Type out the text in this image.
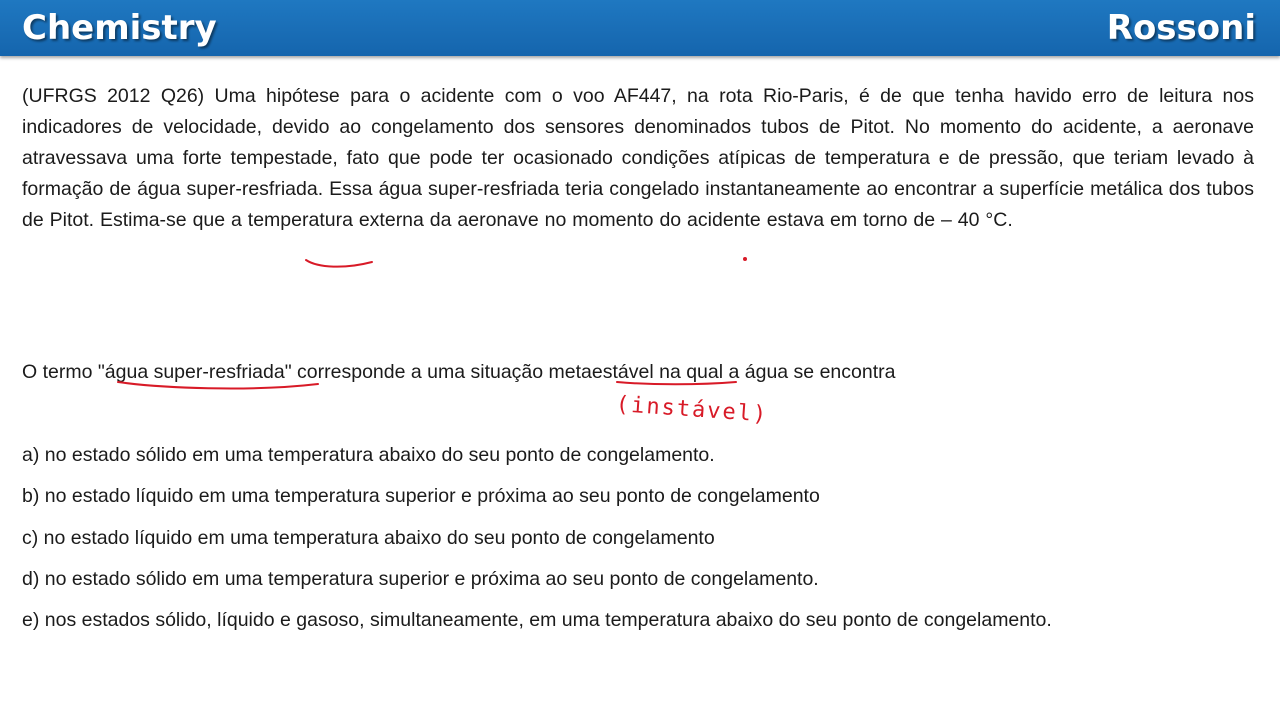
Chemistry	Rossoni

(UFRGS 2012 Q26) Uma hipótese para o acidente com o voo AF447, na rota Rio-Paris, é de que tenha havido erro de leitura nos indicadores de velocidade, devido ao congelamento dos sensores denominados tubos de Pitot. No momento do acidente, a aeronave atravessava uma forte tempestade, fato que pode ter ocasionado condições atípicas de temperatura e de pressão, que teriam levado à formação de água super-resfriada. Essa água super-resfriada teria congelado instantaneamente ao encontrar a superfície metálica dos tubos de Pitot. Estima-se que a temperatura externa da aeronave no momento do acidente estava em torno de – 40 °C.

O termo "água super-resfriada" corresponde a uma situação metaestável na qual a água se encontra
(instável)
a) no estado sólido em uma temperatura abaixo do seu ponto de congelamento.
b) no estado líquido em uma temperatura superior e próxima ao seu ponto de congelamento
c) no estado líquido em uma temperatura abaixo do seu ponto de congelamento
d) no estado sólido em uma temperatura superior e próxima ao seu ponto de congelamento.
e) nos estados sólido, líquido e gasoso, simultaneamente, em uma temperatura abaixo do seu ponto de congelamento.
